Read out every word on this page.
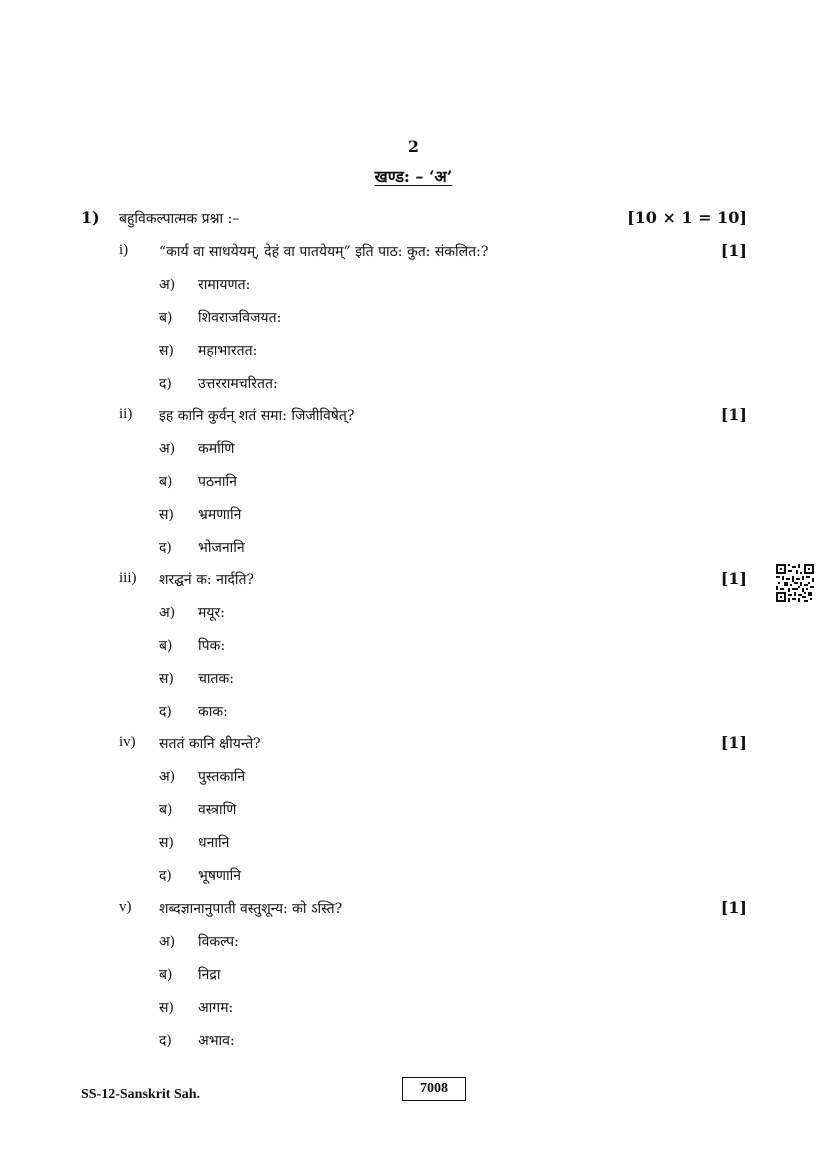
2
खण्ड: – ‘अ’
1) बहुविकल्पात्मक प्रश्ना :–	[10 × 1 = 10]
i) “कार्य वा साधयेयम्, देहं वा पातयेयम्” इति पाठ: कुत: संकलित:?	[1]
अ) रामायणत:
ब) शिवराजविजयत:
स) महाभारतत:
द) उत्तररामचरितत:
ii) इह कानि कुर्वन् शतं समा: जिजीविषेत्?	[1]
अ) कर्माणि
ब) पठनानि
स) भ्रमणानि
द) भोजनानि
iii) शरद्घनं क: नार्दति?	[1]
अ) मयूर:
ब) पिक:
स) चातक:
द) काक:
iv) सततं कानि क्षीयन्ते?	[1]
अ) पुस्तकानि
ब) वस्त्राणि
स) धनानि
द) भूषणानि
v) शब्दज्ञानानुपाती वस्तुशून्य: को ऽस्ति?	[1]
अ) विकल्प:
ब) निद्रा
स) आगम:
द) अभाव:
SS-12-Sanskrit Sah.	7008
